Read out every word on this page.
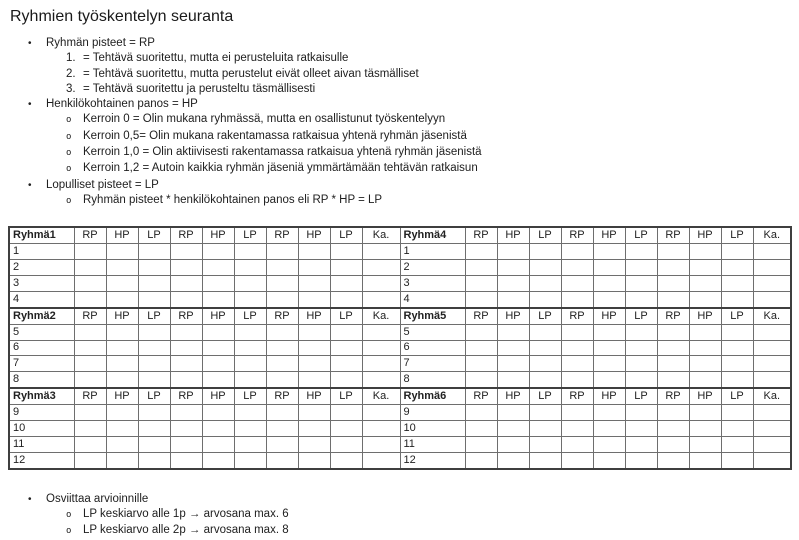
Ryhmien työskentelyn seuranta
•	Ryhmän pisteet = RP
1. = Tehtävä suoritettu, mutta ei perusteluita ratkaisulle
2. = Tehtävä suoritettu, mutta perustelut eivät olleet aivan täsmälliset
3. = Tehtävä suoritettu ja perusteltu täsmällisesti
•	Henkilökohtainen panos = HP
o	Kerroin 0 = Olin mukana ryhmässä, mutta en osallistunut työskentelyyn
o	Kerroin 0,5= Olin mukana rakentamassa ratkaisua yhtenä ryhmän jäsenistä
o	Kerroin 1,0 = Olin aktiivisesti rakentamassa ratkaisua yhtenä ryhmän jäsenistä
o	Kerroin 1,2 = Autoin kaikkia ryhmän jäseniä ymmärtämään tehtävän ratkaisun
•	Lopulliset pisteet = LP
o	Ryhmän pisteet * henkilökohtainen panos eli RP * HP = LP
Ryhmä1	RP	HP	LP	RP	HP	LP	RP	HP	LP	Ka.	Ryhmä4	RP	HP	LP	RP	HP	LP	RP	HP	LP	Ka.
1											1										
2											2										
3											3										
4											4										
Ryhmä2	RP	HP	LP	RP	HP	LP	RP	HP	LP	Ka.	Ryhmä5	RP	HP	LP	RP	HP	LP	RP	HP	LP	Ka.
5											5										
6											6										
7											7										
8											8										
Ryhmä3	RP	HP	LP	RP	HP	LP	RP	HP	LP	Ka.	Ryhmä6	RP	HP	LP	RP	HP	LP	RP	HP	LP	Ka.
9											9										
10											10										
11											11										
12											12										
•	Osviittaa arvioinnille
o	LP keskiarvo alle 1p → arvosana max. 6
o	LP keskiarvo alle 2p → arvosana max. 8
